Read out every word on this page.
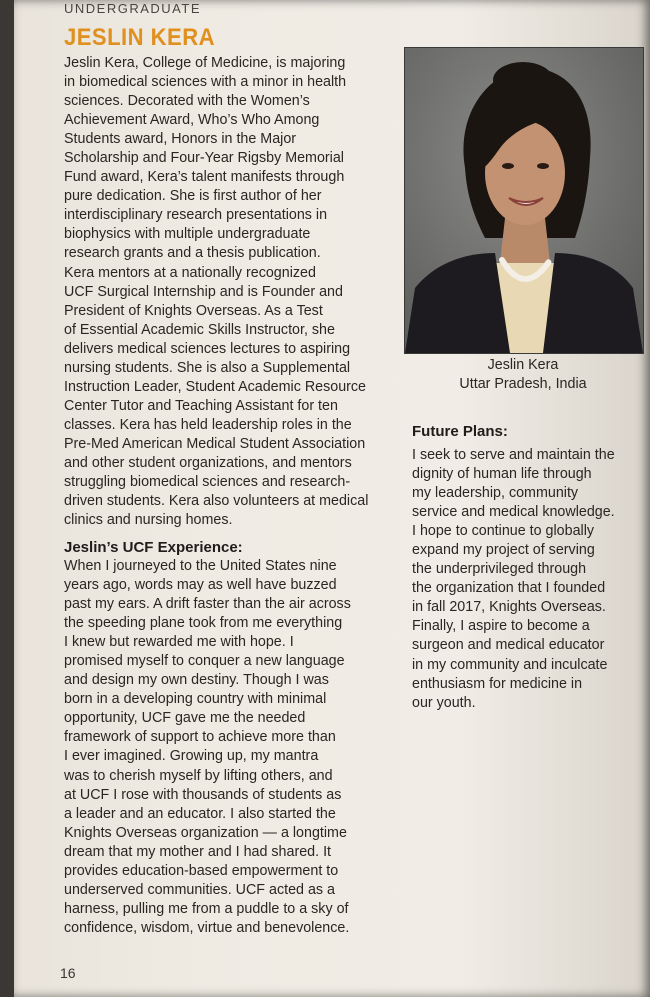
UNDERGRADUATE
JESLIN KERA

Jeslin Kera, College of Medicine, is majoring

in biomedical sciences with a minor in health

sciences. Decorated with the Women’s

Achievement Award, Who’s Who Among

Students award, Honors in the Major

Scholarship and Four-Year Rigsby Memorial

Fund award, Kera’s talent manifests through

pure dedication. She is first author of her

interdisciplinary research presentations in

biophysics with multiple undergraduate

research grants and a thesis publication.

Kera mentors at a nationally recognized

UCF Surgical Internship and is Founder and

President of Knights Overseas. As a Test

of Essential Academic Skills Instructor, she

delivers medical sciences lectures to aspiring

nursing students. She is also a Supplemental

Instruction Leader, Student Academic Resource

Center Tutor and Teaching Assistant for ten

classes. Kera has held leadership roles in the

Pre-Med American Medical Student Association

and other student organizations, and mentors

struggling biomedical sciences and research-

driven students. Kera also volunteers at medical

clinics and nursing homes.

Jeslin’s UCF Experience:

When I journeyed to the United States nine

years ago, words may as well have buzzed

past my ears. A drift faster than the air across

the speeding plane took from me everything

I knew but rewarded me with hope. I

promised myself to conquer a new language

and design my own destiny. Though I was

born in a developing country with minimal

opportunity, UCF gave me the needed

framework of support to achieve more than

I ever imagined. Growing up, my mantra

was to cherish myself by lifting others, and

at UCF I rose with thousands of students as

a leader and an educator. I also started the

Knights Overseas organization — a longtime

dream that my mother and I had shared. It

provides education-based empowerment to

underserved communities. UCF acted as a

harness, pulling me from a puddle to a sky of

confidence, wisdom, virtue and benevolence.

Jeslin Kera
Uttar Pradesh, India
Future Plans:

I seek to serve and maintain the

dignity of human life through

my leadership, community

service and medical knowledge.

I hope to continue to globally

expand my project of serving

the underprivileged through

the organization that I founded

in fall 2017, Knights Overseas.

Finally, I aspire to become a

surgeon and medical educator

in my community and inculcate

enthusiasm for medicine in

our youth.

16
